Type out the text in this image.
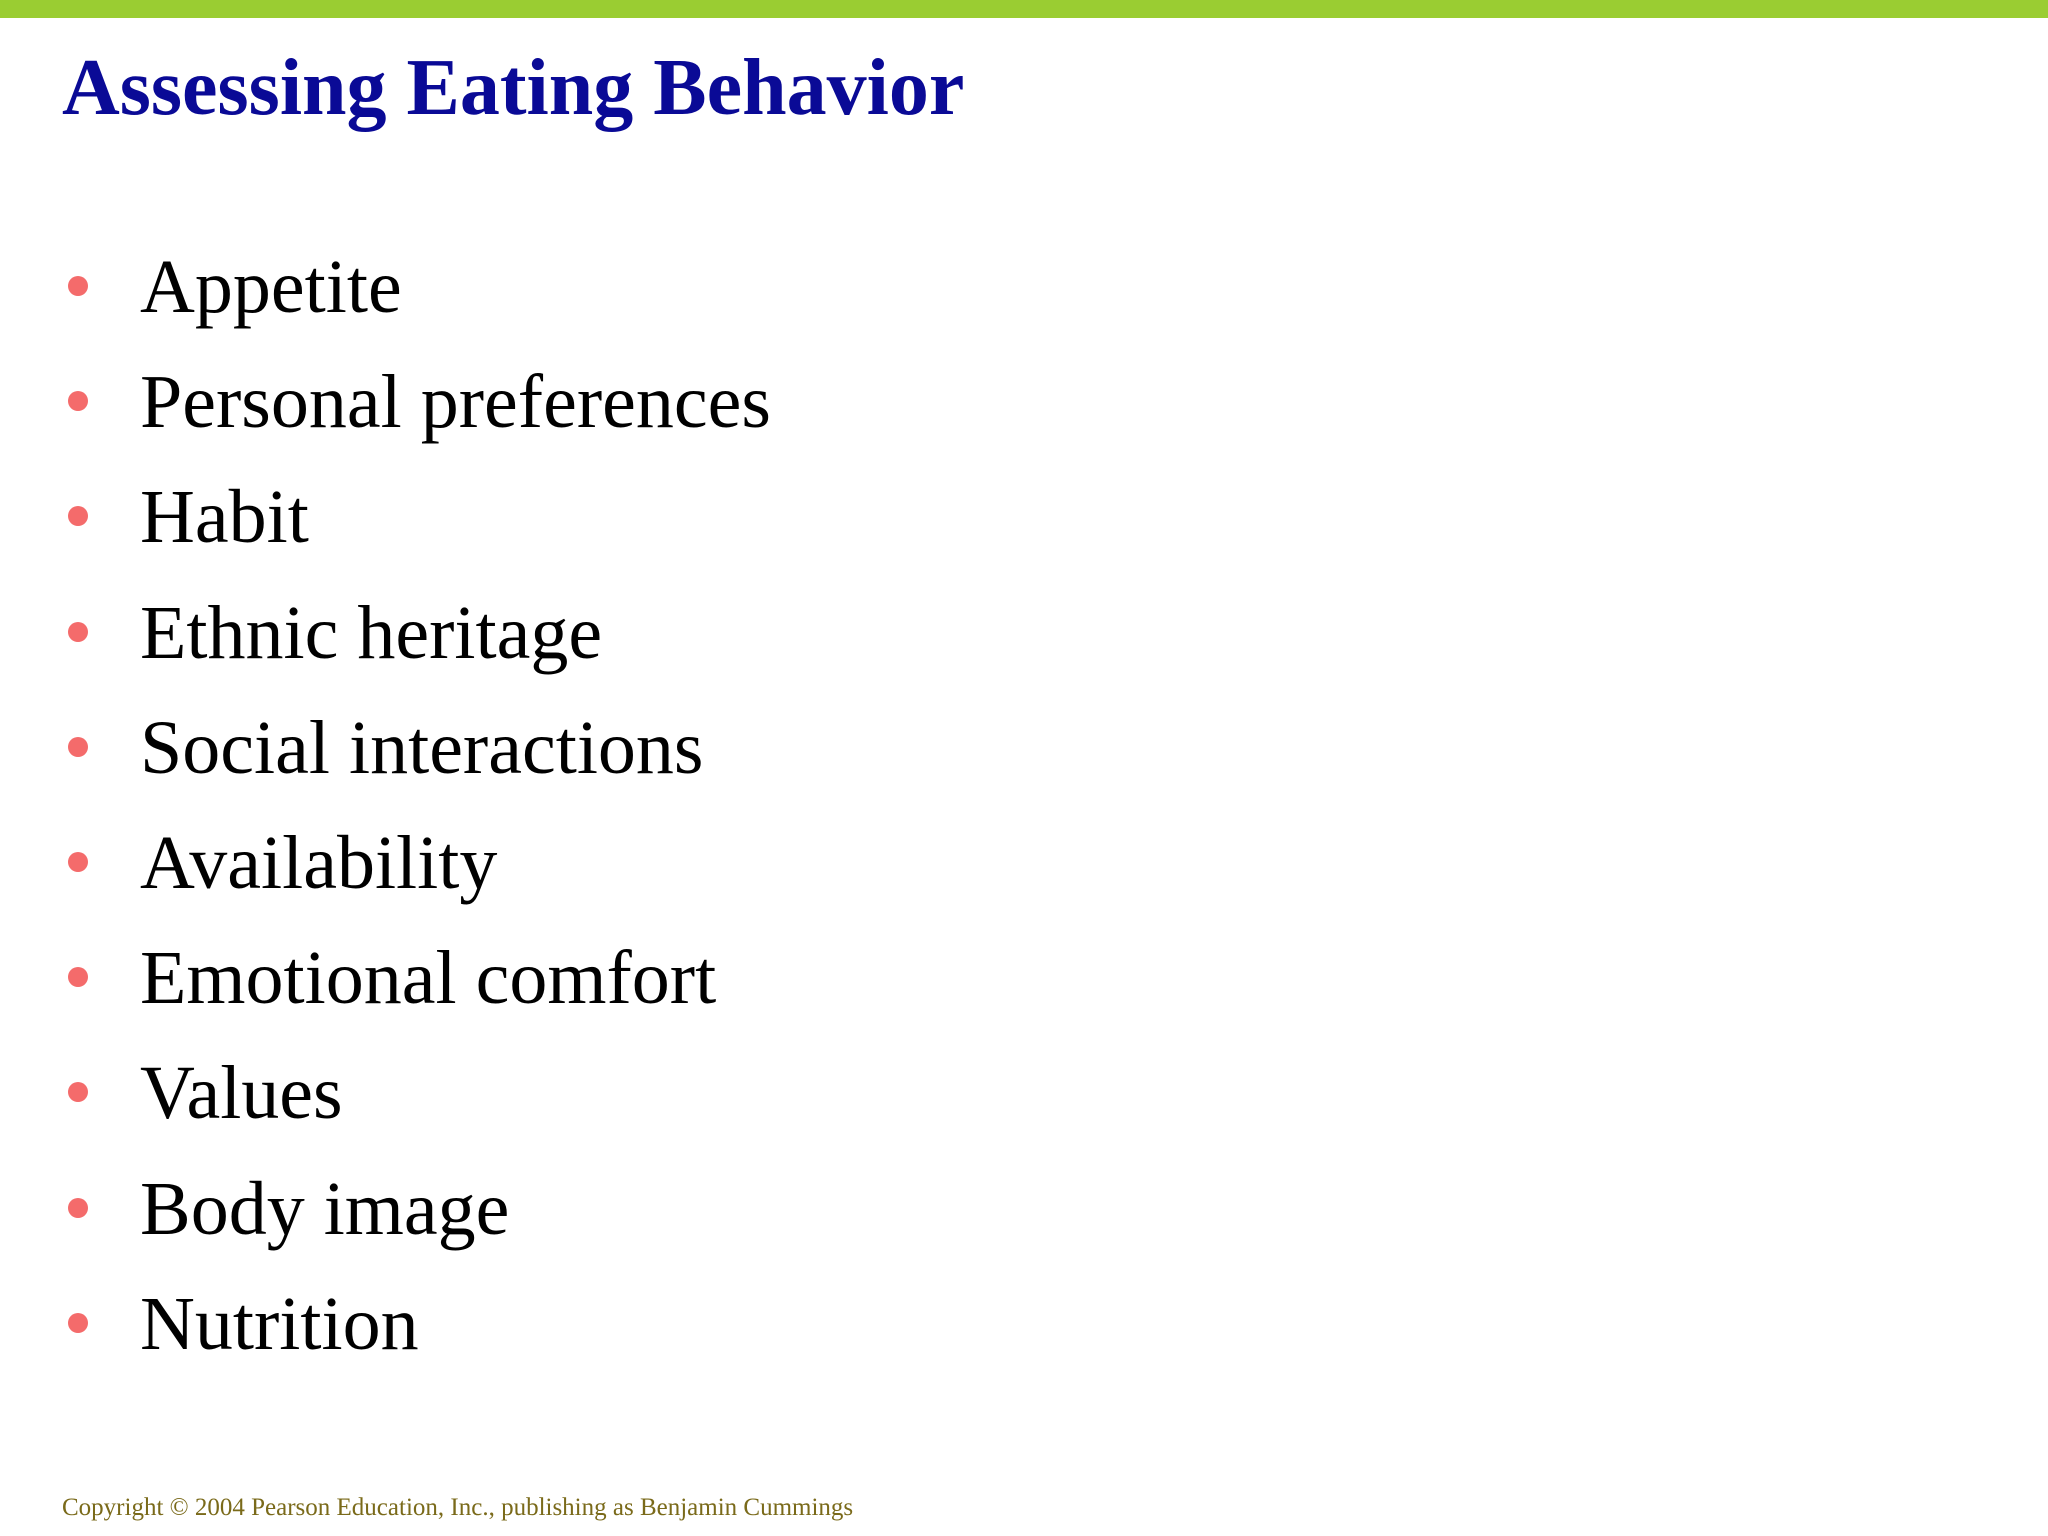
Assessing Eating Behavior
Appetite
Personal preferences
Habit
Ethnic heritage
Social interactions
Availability
Emotional comfort
Values
Body image
Nutrition
Copyright © 2004 Pearson Education, Inc., publishing as Benjamin Cummings
